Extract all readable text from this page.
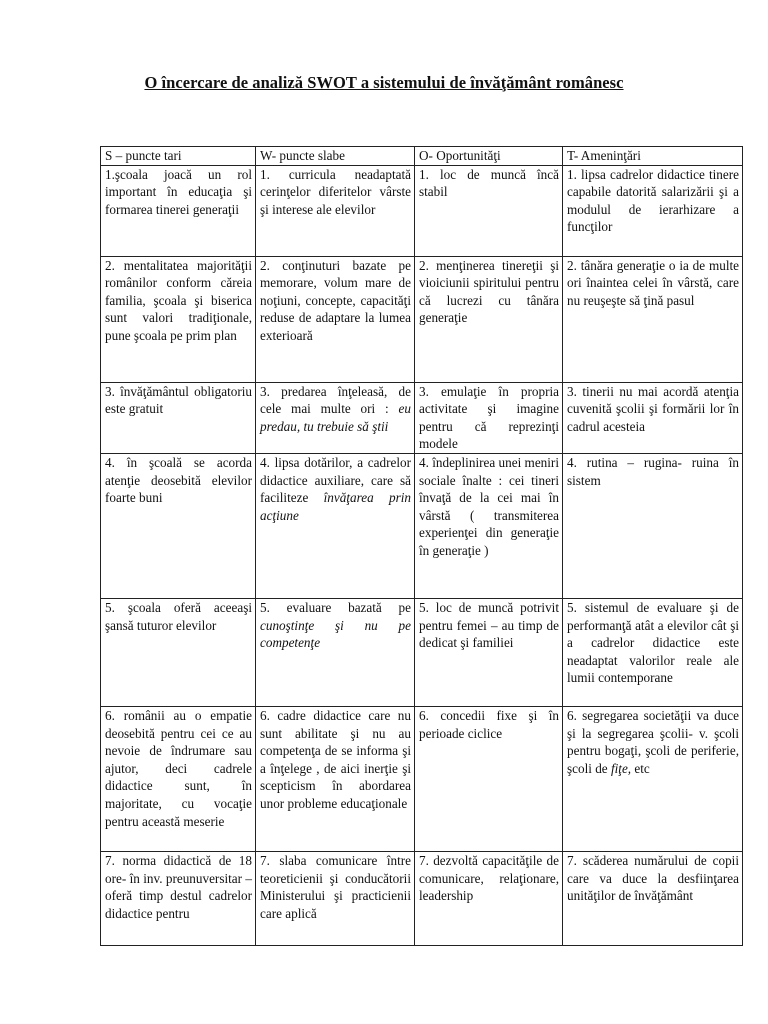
O încercare de analiză SWOT a sistemului de învăţământ românesc
S – puncte tari	W- puncte slabe	O- Oportunităţi	T- Ameninţări
1.şcoala joacă un rol important în educaţia şi formarea tinerei generaţii	1. curricula neadaptată cerinţelor diferitelor vârste şi interese ale elevilor	1. loc de muncă încă stabil	1. lipsa cadrelor didactice tinere capabile datorită salarizării şi a modulul de ierarhizare a funcţilor
2. mentalitatea majorităţii românilor conform căreia familia, şcoala şi biserica sunt valori tradiţionale, pune şcoala pe prim plan	2. conţinuturi bazate pe memorare, volum mare de noţiuni, concepte, capacităţi reduse de adaptare la lumea exterioară	2. menţinerea tinereţii şi vioiciunii spiritului pentru că lucrezi cu tânăra generaţie	2. tânăra generaţie o ia de multe ori înaintea celei în vârstă, care nu reuşeşte să ţină pasul
3. învăţământul obligatoriu este gratuit	3. predarea înţeleasă, de cele mai multe ori : eu predau, tu trebuie să ştii	3. emulaţie în propria activitate şi imagine pentru că reprezinţi modele	3. tinerii nu mai acordă atenţia cuvenită şcolii şi formării lor în cadrul acesteia
4. în şcoală se acorda atenţie deosebită elevilor foarte buni	4. lipsa dotărilor, a cadrelor didactice auxiliare, care să faciliteze învăţarea prin acţiune	4. îndeplinirea unei meniri sociale înalte : cei tineri învaţă de la cei mai în vârstă ( transmiterea experienţei din generaţie în generaţie )	4. rutina – rugina- ruina în sistem
5. şcoala oferă aceeaşi şansă tuturor elevilor	5. evaluare bazată pe cunoştinţe şi nu pe competenţe	5. loc de muncă potrivit pentru femei – au timp de dedicat şi familiei	5. sistemul de evaluare şi de performanţă atât a elevilor cât şi a cadrelor didactice este neadaptat valorilor reale ale lumii contemporane
6. românii au o empatie deosebită pentru cei ce au nevoie de îndrumare sau ajutor, deci cadrele didactice sunt, în majoritate, cu vocaţie pentru această meserie	6. cadre didactice care nu sunt abilitate şi nu au competenţa de se informa şi a înţelege , de aici inerţie şi scepticism în abordarea unor probleme educaţionale	6. concedii fixe şi în perioade ciclice	6. segregarea societăţii va duce şi la segregarea şcolii- v. şcoli pentru bogaţi, şcoli de periferie, şcoli de fiţe, etc
7. norma didactică de 18 ore- în inv. preunuversitar – oferă timp destul cadrelor didactice pentru	7. slaba comunicare între teoreticienii şi conducătorii Ministerului şi practicienii care aplică	7. dezvoltă capacităţile de comunicare, relaţionare, leadership	7. scăderea numărului de copii care va duce la desfiinţarea unităţilor de învăţământ
